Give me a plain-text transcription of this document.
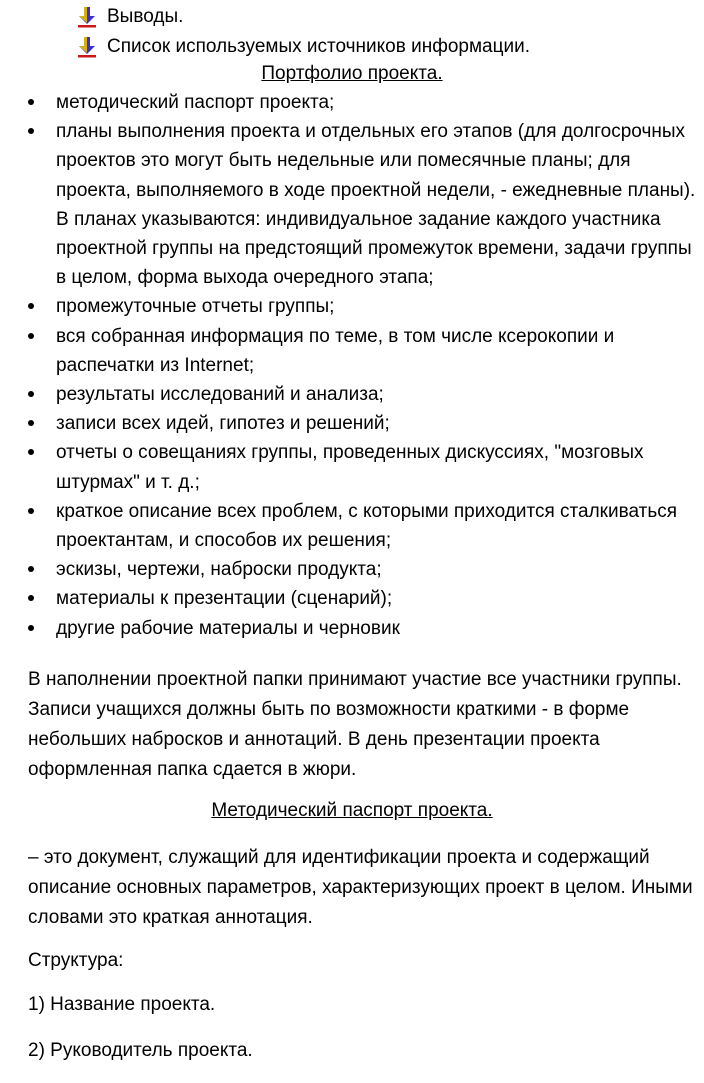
Выводы.
Список используемых источников информации.
Портфолио проекта.
методический паспорт проекта;
планы выполнения проекта и отдельных его этапов (для долгосрочных проектов это могут быть недельные или помесячные планы; для проекта, выполняемого в ходе проектной недели, - ежедневные планы). В планах указываются: индивидуальное задание каждого участника проектной группы на предстоящий промежуток времени, задачи группы в целом, форма выхода очередного этапа;
промежуточные отчеты группы;
вся собранная информация по теме, в том числе ксерокопии и распечатки из Internet;
результаты исследований и анализа;
записи всех идей, гипотез и решений;
отчеты о совещаниях группы, проведенных дискуссиях, "мозговых штурмах" и т. д.;
краткое описание всех проблем, с которыми приходится сталкиваться проектантам, и способов их решения;
эскизы, чертежи, наброски продукта;
материалы к презентации (сценарий);
другие рабочие материалы и черновик

В наполнении проектной папки принимают участие все участники группы. Записи учащихся должны быть по возможности краткими - в форме небольших набросков и аннотаций. В день презентации проекта оформленная папка сдается в жюри.

Методический паспорт проекта.

– это документ, служащий для идентификации проекта и содержащий описание основных параметров, характеризующих проект в целом. Иными словами это краткая аннотация.

Структура:

1) Название проекта.

2) Руководитель проекта.
